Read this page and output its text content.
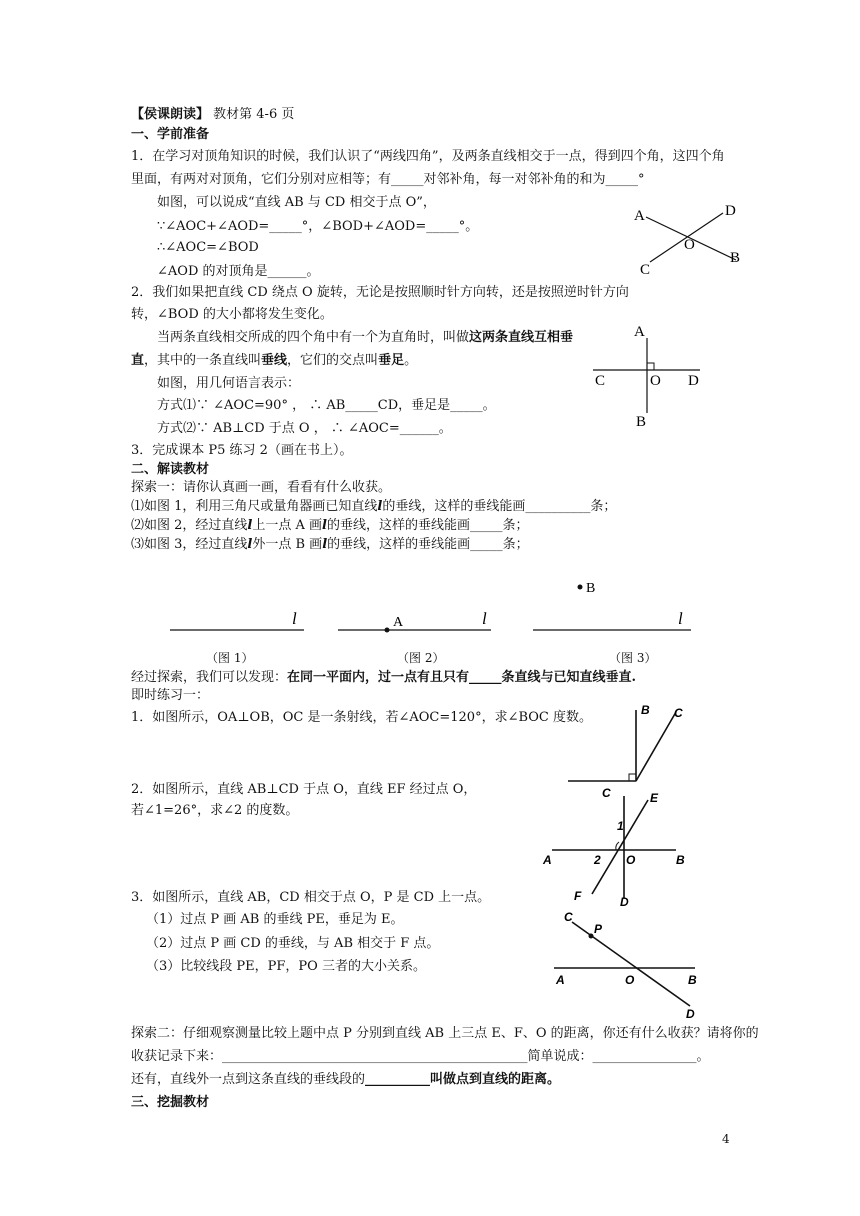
【侯课朗读】 教材第 4-6 页
一、学前准备
1．在学习对顶角知识的时候，我们认识了“两线四角”，及两条直线相交于一点，得到四个角，这四个角
里面，有两对对顶角，它们分别对应相等；有_____对邻补角，每一对邻补角的和为_____°
如图，可以说成“直线 AB 与 CD 相交于点 O”，
∵∠AOC+∠AOD=_____°，∠BOD+∠AOD=_____°。
∴∠AOC=∠BOD
∠AOD 的对顶角是______。
2．我们如果把直线 CD 绕点 O 旋转，无论是按照顺时针方向转，还是按照逆时针方向
转，∠BOD 的大小都将发生变化。
当两条直线相交所成的四个角中有一个为直角时，叫做这两条直线互相垂
直，其中的一条直线叫垂线，它们的交点叫垂足。
如图，用几何语言表示：
方式⑴∵ ∠AOC=90° ， ∴ AB_____CD，垂足是_____。
方式⑵∵ AB⊥CD 于点 O ， ∴ ∠AOC=______。
3．完成课本 P5 练习 2（画在书上）。
A	D
O
B
C
A
C	O D
B
二、解读教材
探索一：请你认真画一画，看看有什么收获。
⑴如图 1，利用三角尺或量角器画已知直线l的垂线，这样的垂线能画__________条；
⑵如图 2，经过直线l上一点 A 画l的垂线，这样的垂线能画_____条；
⑶如图 3，经过直线l外一点 B 画l的垂线，这样的垂线能画_____条；
l	A	l
B
l
（图 1）	（图 2）	（图 3）
经过探索，我们可以发现：在同一平面内，过一点有且只有_____条直线与已知直线垂直.
即时练习一：
1．如图所示，OA⊥OB，OC 是一条射线，若∠AOC=120°，求∠BOC 度数。	B C
2．如图所示，直线 AB⊥CD 于点 O，直线 EF 经过点 O，
若∠1=26°，求∠2 的度数。
C	E
1
A	2 O	B
F	D
3．如图所示，直线 AB，CD 相交于点 O，P 是 CD 上一点。
（1）过点 P 画 AB 的垂线 PE，垂足为 E。
（2）过点 P 画 CD 的垂线，与 AB 相交于 F 点。
（3）比较线段 PE，PF，PO 三者的大小关系。
C
P
A	O	B
D
探索二：仔细观察测量比较上题中点 P 分别到直线 AB 上三点 E、F、O 的距离，你还有什么收获？请将你的
收获记录下来：_______________________________________________简单说成：________________。
还有，直线外一点到这条直线的垂线段的__________叫做点到直线的距离。
三、挖掘教材
4
